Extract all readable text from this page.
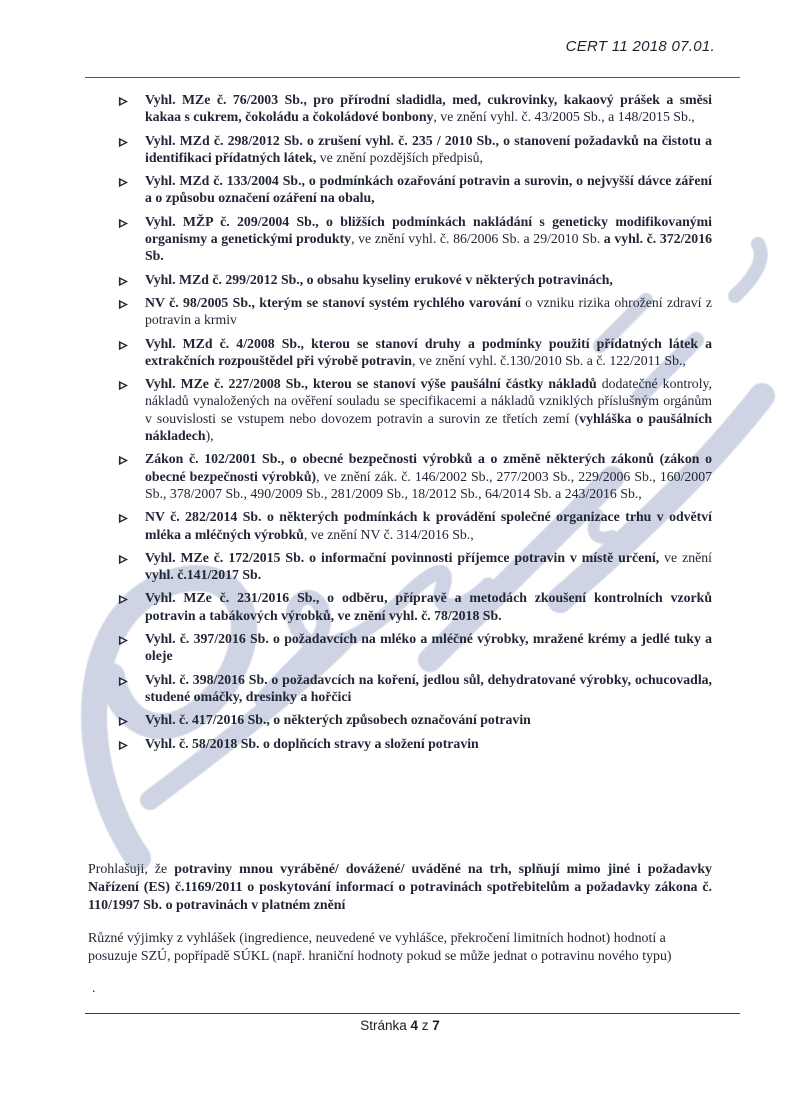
CERT 11 2018 07.01.
Vyhl. MZe č. 76/2003 Sb., pro přírodní sladidla, med, cukrovinky, kakaový prášek a směsi kakaa s cukrem, čokoládu a čokoládové bonbony, ve znění vyhl. č. 43/2005 Sb., a 148/2015 Sb.,
Vyhl. MZd č. 298/2012 Sb. o zrušení vyhl. č. 235 / 2010 Sb., o stanovení požadavků na čistotu a identifikaci přídatných látek, ve znění pozdějších předpisů,
Vyhl. MZd č. 133/2004 Sb., o podmínkách ozařování potravin a surovin, o nejvyšší dávce záření a o způsobu označení ozáření na obalu,
Vyhl. MŽP č. 209/2004 Sb., o bližších podmínkách nakládání s geneticky modifikovanými organismy a genetickými produkty, ve znění vyhl. č. 86/2006 Sb. a 29/2010 Sb. a vyhl. č. 372/2016 Sb.
Vyhl. MZd č. 299/2012 Sb., o obsahu kyseliny erukové v některých potravinách,
NV č. 98/2005 Sb., kterým se stanoví systém rychlého varování o vzniku rizika ohrožení zdraví z potravin a krmiv
Vyhl. MZd č. 4/2008 Sb., kterou se stanoví druhy a podmínky použití přídatných látek a extrakčních rozpouštědel při výrobě potravin, ve znění vyhl. č.130/2010 Sb. a č. 122/2011 Sb.,
Vyhl. MZe č. 227/2008 Sb., kterou se stanoví výše paušální částky nákladů dodatečné kontroly, nákladů vynaložených na ověření souladu se specifikacemi a nákladů vzniklých příslušným orgánům v souvislosti se vstupem nebo dovozem potravin a surovin ze třetích zemí (vyhláška o paušálních nákladech),
Zákon č. 102/2001 Sb., o obecné bezpečnosti výrobků a o změně některých zákonů (zákon o obecné bezpečnosti výrobků), ve znění zák. č. 146/2002 Sb., 277/2003 Sb., 229/2006 Sb., 160/2007 Sb., 378/2007 Sb., 490/2009 Sb., 281/2009 Sb., 18/2012 Sb., 64/2014 Sb. a 243/2016 Sb.,
NV č. 282/2014 Sb. o některých podmínkách k provádění společné organizace trhu v odvětví mléka a mléčných výrobků, ve znění NV č. 314/2016 Sb.,
Vyhl. MZe č. 172/2015 Sb. o informační povinnosti příjemce potravin v místě určení, ve znění vyhl. č.141/2017 Sb.
Vyhl. MZe č. 231/2016 Sb., o odběru, přípravě a metodách zkoušení kontrolních vzorků potravin a tabákových výrobků, ve znění vyhl. č. 78/2018 Sb.
Vyhl. č. 397/2016 Sb. o požadavcích na mléko a mléčné výrobky, mražené krémy a jedlé tuky a oleje
Vyhl. č. 398/2016 Sb. o požadavcích na koření, jedlou sůl, dehydratované výrobky, ochucovadla, studené omáčky, dresinky a hořčici
Vyhl. č. 417/2016 Sb., o některých způsobech označování potravin
Vyhl. č. 58/2018 Sb. o doplňcích stravy a složení potravin

Prohlašuji, že potraviny mnou vyráběné/ dovážené/ uváděné na trh, splňují mimo jiné i požadavky Nařízení (ES) č.1169/2011 o poskytování informací o potravinách spotřebitelům a požadavky zákona č. 110/1997 Sb. o potravinách v platném znění

Různé výjimky z vyhlášek (ingredience, neuvedené ve vyhlášce, překročení limitních hodnot) hodnotí a posuzuje SZÚ, popřípadě SÚKL (např. hraniční hodnoty pokud se může jednat o potravinu nového typu)

.

Stránka 4 z 7
